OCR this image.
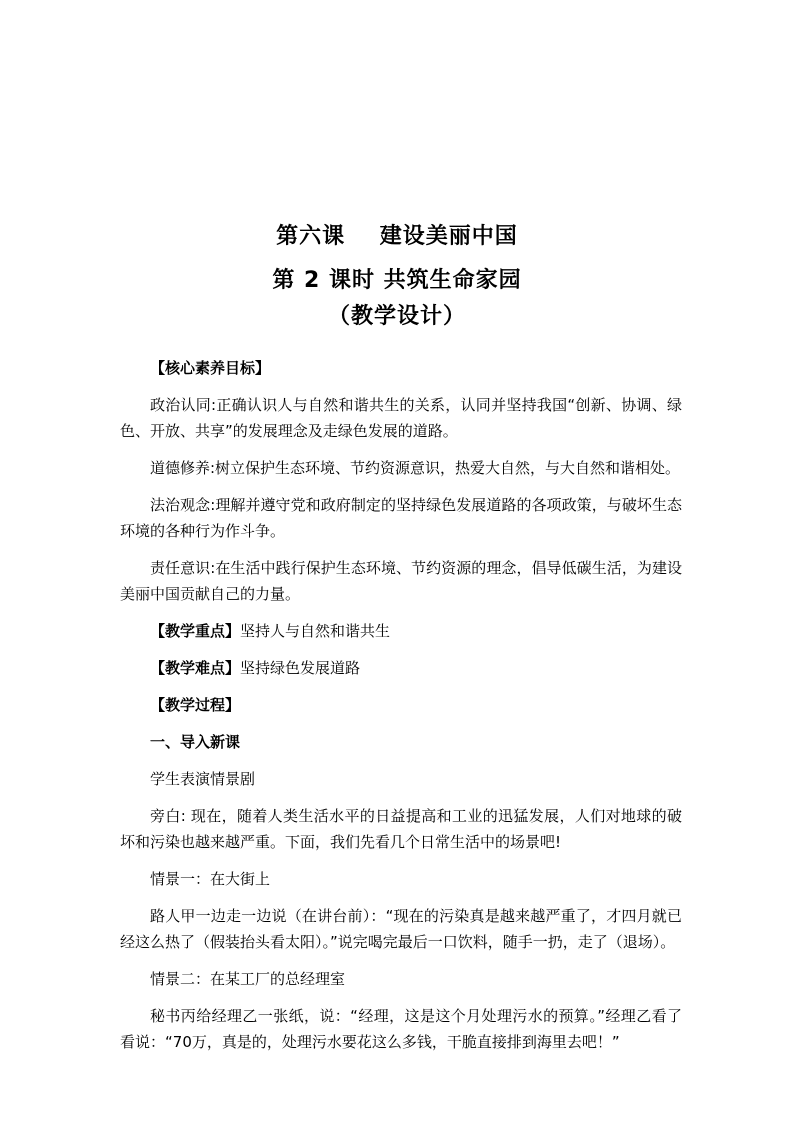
第六课    建设美丽中国

第 2 课时 共筑生命家园

（教学设计）

【核心素养目标】

政治认同:正确认识人与自然和谐共生的关系，认同并坚持我国“创新、协调、绿色、开放、共享”的发展理念及走绿色发展的道路。

道德修养:树立保护生态环境、节约资源意识，热爱大自然，与大自然和谐相处。

法治观念:理解并遵守党和政府制定的坚持绿色发展道路的各项政策，与破坏生态环境的各种行为作斗争。

责任意识:在生活中践行保护生态环境、节约资源的理念，倡导低碳生活，为建设美丽中国贡献自己的力量。

【教学重点】坚持人与自然和谐共生

【教学难点】坚持绿色发展道路

【教学过程】

一、导入新课

学生表演情景剧

旁白: 现在，随着人类生活水平的日益提高和工业的迅猛发展，人们对地球的破坏和污染也越来越严重。下面，我们先看几个日常生活中的场景吧!

情景一：在大街上

路人甲一边走一边说（在讲台前）：“现在的污染真是越来越严重了，才四月就已经这么热了（假装抬头看太阳）。”说完喝完最后一口饮料，随手一扔，走了（退场）。

情景二：在某工厂的总经理室

秘书丙给经理乙一张纸，说：“经理，这是这个月处理污水的预算。”经理乙看了看说：“70万，真是的，处理污水要花这么多钱，干脆直接排到海里去吧！”
